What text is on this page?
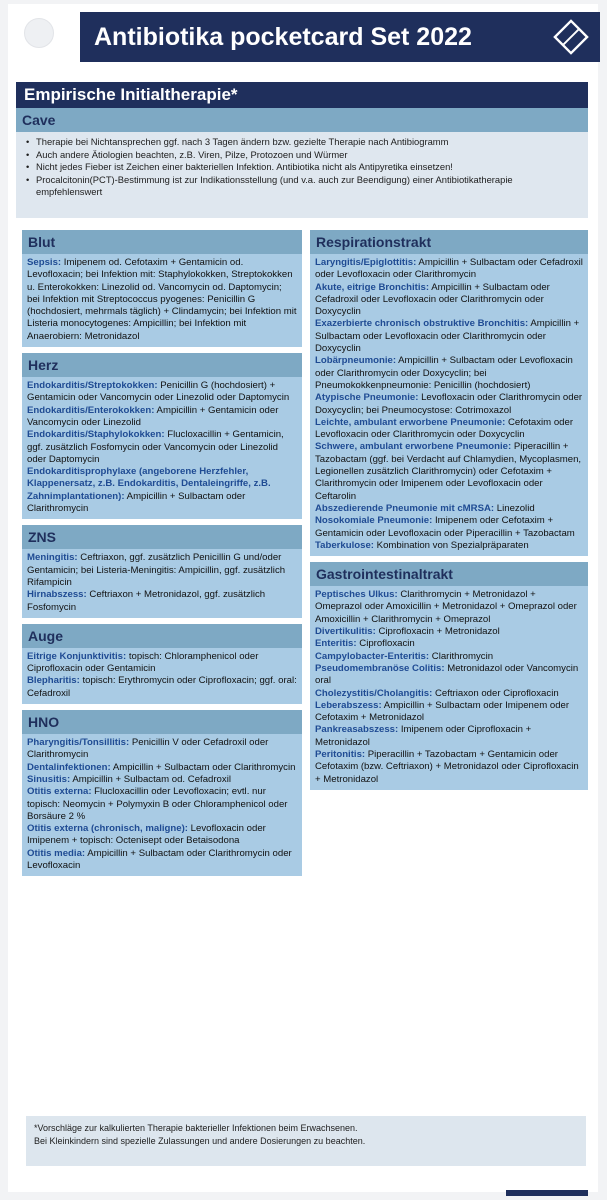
Antibiotika pocketcard Set 2022
Empirische Initialtherapie*
Cave
• Therapie bei Nichtansprechen ggf. nach 3 Tagen ändern bzw. gezielte Therapie nach Antibiogramm
• Auch andere Ätiologien beachten, z.B. Viren, Pilze, Protozoen und Würmer
• Nicht jedes Fieber ist Zeichen einer bakteriellen Infektion. Antibiotika nicht als Antipyretika einsetzen!
• Procalcitonin(PCT)-Bestimmung ist zur Indikationsstellung (und v.a. auch zur Beendigung) einer Antibiotikatherapie empfehlenswert
Blut
Sepsis: Imipenem od. Cefotaxim + Gentamicin od. Levofloxacin; bei Infektion mit: Staphylokokken, Streptokokken u. Enterokokken: Linezolid od. Vancomycin od. Daptomycin; bei Infektion mit Streptococcus pyogenes: Penicillin G (hochdosiert, mehrmals täglich) + Clindamycin; bei Infektion mit Listeria monocytogenes: Ampicillin; bei Infektion mit Anaerobiern: Metronidazol
Herz
Endokarditis/Streptokokken: Penicillin G (hochdosiert) + Gentamicin oder Vancomycin oder Linezolid oder Daptomycin
Endokarditis/Enterokokken: Ampicillin + Gentamicin oder Vancomycin oder Linezolid
Endokarditis/Staphylokokken: Flucloxacillin + Gentamicin, ggf. zusätzlich Fosfomycin oder Vancomycin oder Linezolid oder Daptomycin
Endokarditisprophylaxe (angeborene Herzfehler, Klappenersatz, z.B. Endokarditis, Dentaleingriffe, z.B. Zahnimplantationen): Ampicillin + Sulbactam oder Clarithromycin
ZNS
Meningitis: Ceftriaxon, ggf. zusätzlich Penicillin G und/oder Gentamicin; bei Listeria-Meningitis: Ampicillin, ggf. zusätzlich Rifampicin
Hirnabszess: Ceftriaxon + Metronidazol, ggf. zusätzlich Fosfomycin
Auge
Eitrige Konjunktivitis: topisch: Chloramphenicol oder Ciprofloxacin oder Gentamicin
Blepharitis: topisch: Erythromycin oder Ciprofloxacin; ggf. oral: Cefadroxil
HNO
Pharyngitis/Tonsillitis: Penicillin V oder Cefadroxil oder Clarithromycin
Dentalinfektionen: Ampicillin + Sulbactam oder Clarithromycin
Sinusitis: Ampicillin + Sulbactam od. Cefadroxil
Otitis externa: Flucloxacillin oder Levofloxacin; evtl. nur topisch: Neomycin + Polymyxin B oder Chloramphenicol oder Borsäure 2 %
Otitis externa (chronisch, maligne): Levofloxacin oder Imipenem + topisch: Octenisept oder Betaisodona
Otitis media: Ampicillin + Sulbactam oder Clarithromycin oder Levofloxacin
Respirationstrakt
Laryngitis/Epiglottitis: Ampicillin + Sulbactam oder Cefadroxil oder Levofloxacin oder Clarithromycin
Akute, eitrige Bronchitis: Ampicillin + Sulbactam oder Cefadroxil oder Levofloxacin oder Clarithromycin oder Doxycyclin
Exazerbierte chronisch obstruktive Bronchitis: Ampicillin + Sulbactam oder Levofloxacin oder Clarithromycin oder Doxycyclin
Lobärpneumonie: Ampicillin + Sulbactam oder Levofloxacin oder Clarithromycin oder Doxycyclin; bei Pneumokokkenpneumonie: Penicillin (hochdosiert)
Atypische Pneumonie: Levofloxacin oder Clarithromycin oder Doxycyclin; bei Pneumocystose: Cotrimoxazol
Leichte, ambulant erworbene Pneumonie: Cefotaxim oder Levofloxacin oder Clarithromycin oder Doxycyclin
Schwere, ambulant erworbene Pneumonie: Piperacillin + Tazobactam (ggf. bei Verdacht auf Chlamydien, Mycoplasmen, Legionellen zusätzlich Clarithromycin) oder Cefotaxim + Clarithromycin oder Imipenem oder Levofloxacin oder Ceftarolin
Abszedierende Pneumonie mit cMRSA: Linezolid
Nosokomiale Pneumonie: Imipenem oder Cefotaxim + Gentamicin oder Levofloxacin oder Piperacillin + Tazobactam
Taberkulose: Kombination von Spezialpräparaten
Gastrointestinaltrakt
Peptisches Ulkus: Clarithromycin + Metronidazol + Omeprazol oder Amoxicillin + Metronidazol + Omeprazol oder Amoxicillin + Clarithromycin + Omeprazol
Divertikulitis: Ciprofloxacin + Metronidazol
Enteritis: Ciprofloxacin
Campylobacter-Enteritis: Clarithromycin
Pseudomembranöse Colitis: Metronidazol oder Vancomycin oral
Cholezystitis/Cholangitis: Ceftriaxon oder Ciprofloxacin
Leberabszess: Ampicillin + Sulbactam oder Imipenem oder Cefotaxim + Metronidazol
Pankreasabszess: Imipenem oder Ciprofloxacin + Metronidazol
Peritonitis: Piperacillin + Tazobactam + Gentamicin oder Cefotaxim (bzw. Ceftriaxon) + Metronidazol oder Ciprofloxacin + Metronidazol
*Vorschläge zur kalkulierten Therapie bakterieller Infektionen beim Erwachsenen.
Bei Kleinkindern sind spezielle Zulassungen und andere Dosierungen zu beachten.
